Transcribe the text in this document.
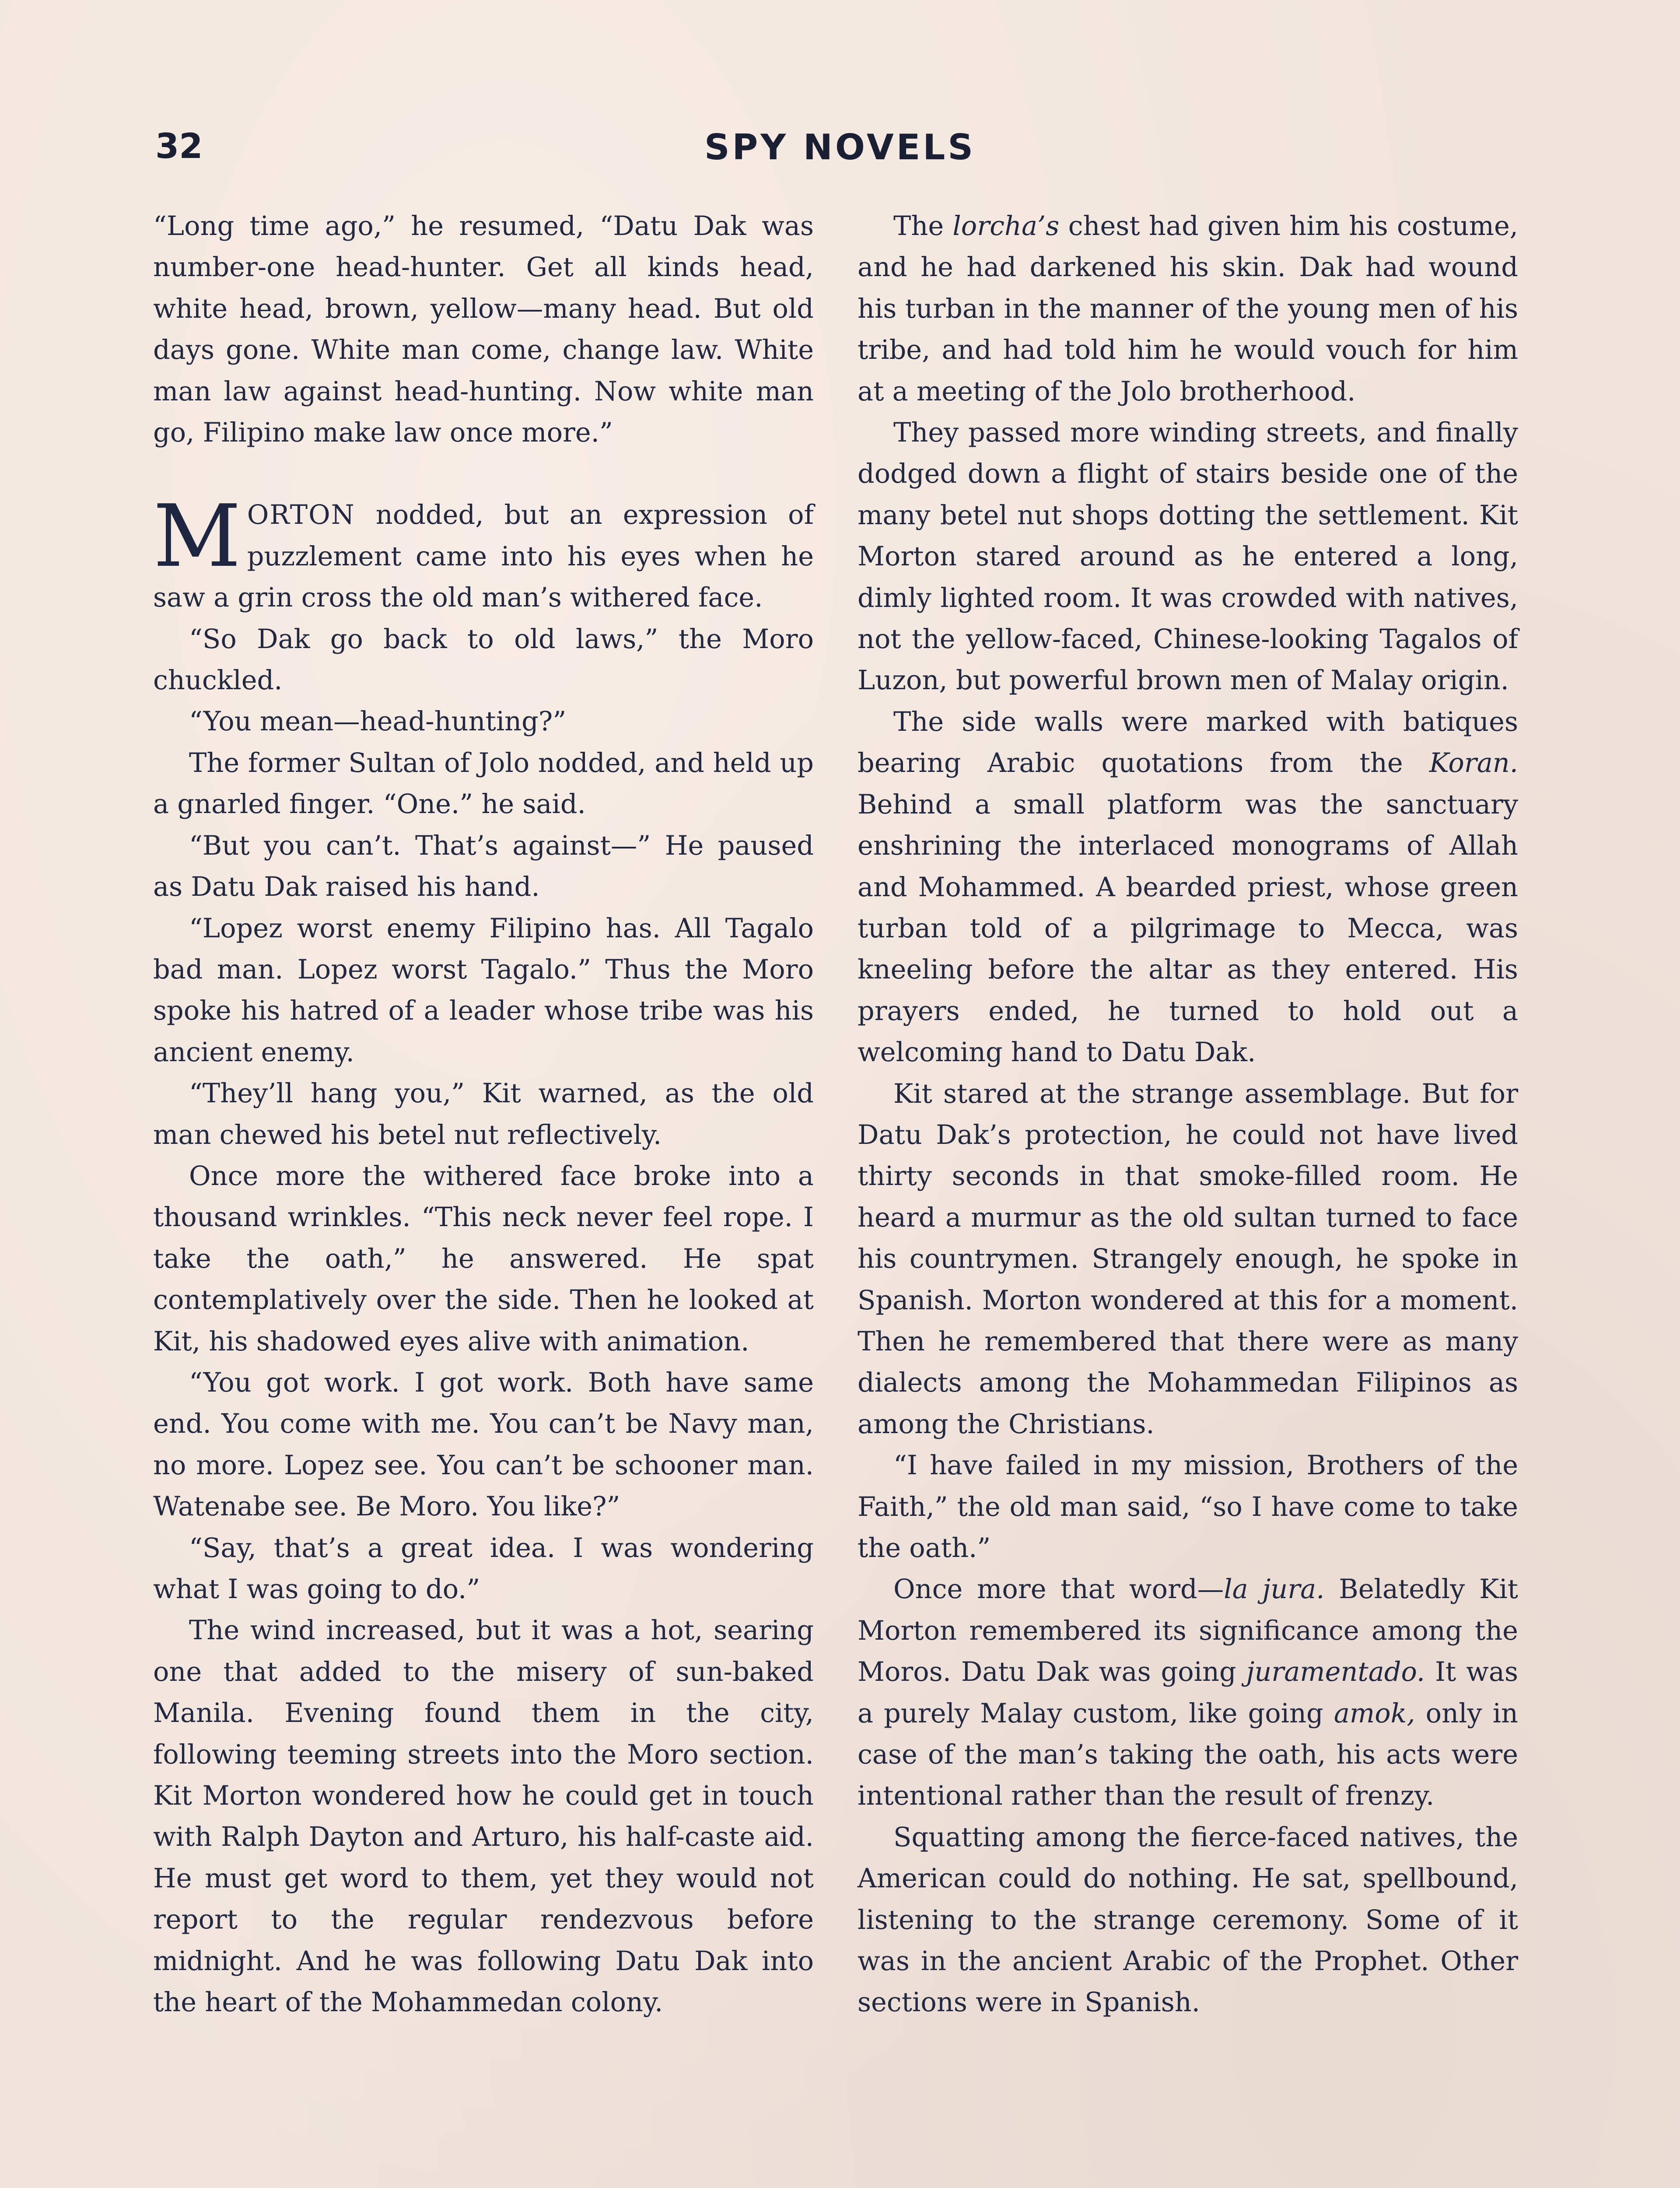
32	SPY NOVELS

“Long time ago,” he resumed, “Datu Dak was number-one head-hunter. Get all kinds head, white head, brown, yellow—many head. But old days gone. White man come, change law. White man law against head-hunting. Now white man go, Filipino make law once more.”

MORTON nodded, but an expression of puzzlement came into his eyes when he saw a grin cross the old man’s withered face.

“So Dak go back to old laws,” the Moro chuckled.

“You mean—head-hunting?”

The former Sultan of Jolo nodded, and held up a gnarled finger. “One.” he said.

“But you can’t. That’s against—” He paused as Datu Dak raised his hand.

“Lopez worst enemy Filipino has. All Tagalo bad man. Lopez worst Tagalo.” Thus the Moro spoke his hatred of a leader whose tribe was his ancient enemy.

“They’ll hang you,” Kit warned, as the old man chewed his betel nut reflectively.

Once more the withered face broke into a thousand wrinkles. “This neck never feel rope. I take the oath,” he answered. He spat contemplatively over the side. Then he looked at Kit, his shadowed eyes alive with animation.

“You got work. I got work. Both have same end. You come with me. You can’t be Navy man, no more. Lopez see. You can’t be schooner man. Watenabe see. Be Moro. You like?”

“Say, that’s a great idea. I was wondering what I was going to do.”

The wind increased, but it was a hot, searing one that added to the misery of sun-baked Manila. Evening found them in the city, following teeming streets into the Moro section. Kit Morton wondered how he could get in touch with Ralph Dayton and Arturo, his half-caste aid. He must get word to them, yet they would not report to the regular rendezvous before midnight. And he was following Datu Dak into the heart of the Mohammedan colony.

The lorcha’s chest had given him his costume, and he had darkened his skin. Dak had wound his turban in the manner of the young men of his tribe, and had told him he would vouch for him at a meeting of the Jolo brotherhood.

They passed more winding streets, and finally dodged down a flight of stairs beside one of the many betel nut shops dotting the settlement. Kit Morton stared around as he entered a long, dimly lighted room. It was crowded with natives, not the yellow-faced, Chinese-looking Tagalos of Luzon, but powerful brown men of Malay origin.

The side walls were marked with batiques bearing Arabic quotations from the Koran. Behind a small platform was the sanctuary enshrining the interlaced monograms of Allah and Mohammed. A bearded priest, whose green turban told of a pilgrimage to Mecca, was kneeling before the altar as they entered. His prayers ended, he turned to hold out a welcoming hand to Datu Dak.

Kit stared at the strange assemblage. But for Datu Dak’s protection, he could not have lived thirty seconds in that smoke-filled room. He heard a murmur as the old sultan turned to face his countrymen. Strangely enough, he spoke in Spanish. Morton wondered at this for a moment. Then he remembered that there were as many dialects among the Mohammedan Filipinos as among the Christians.

“I have failed in my mission, Brothers of the Faith,” the old man said, “so I have come to take the oath.”

Once more that word—la jura. Belatedly Kit Morton remembered its significance among the Moros. Datu Dak was going juramentado. It was a purely Malay custom, like going amok, only in case of the man’s taking the oath, his acts were intentional rather than the result of frenzy.

Squatting among the fierce-faced natives, the American could do nothing. He sat, spellbound, listening to the strange ceremony. Some of it was in the ancient Arabic of the Prophet. Other sections were in Spanish.
